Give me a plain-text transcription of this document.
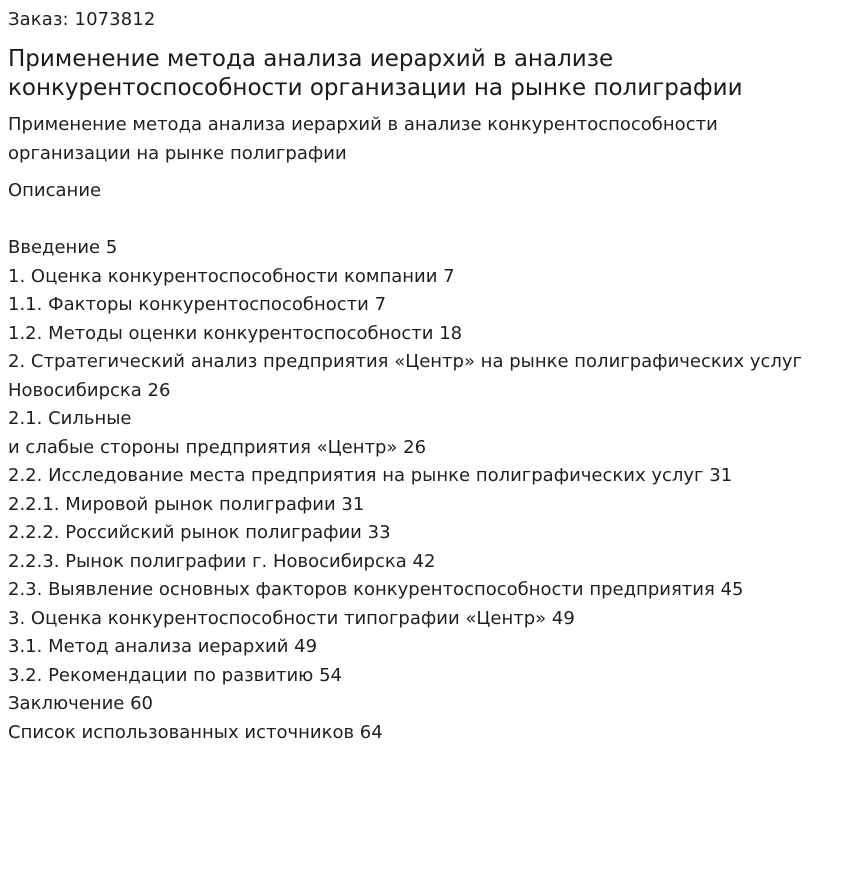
Заказ: 1073812
Применение метода анализа иерархий в анализе конкурентоспособности организации на рынке полиграфии
Применение метода анализа иерархий в анализе конкурентоспособности организации на рынке полиграфии
Описание
Введение 5
1. Оценка конкурентоспособности компании 7
1.1. Факторы конкурентоспособности 7
1.2. Методы оценки конкурентоспособности 18
2. Стратегический анализ предприятия «Центр» на рынке полиграфических услуг Новосибирска 26
2.1. Сильные
и слабые стороны предприятия «Центр» 26
2.2. Исследование места предприятия на рынке полиграфических услуг 31
2.2.1. Мировой рынок полиграфии 31
2.2.2. Российский рынок полиграфии 33
2.2.3. Рынок полиграфии г. Новосибирска 42
2.3. Выявление основных факторов конкурентоспособности предприятия 45
3. Оценка конкурентоспособности типографии «Центр» 49
3.1. Метод анализа иерархий 49
3.2. Рекомендации по развитию 54
Заключение 60
Список использованных источников 64
